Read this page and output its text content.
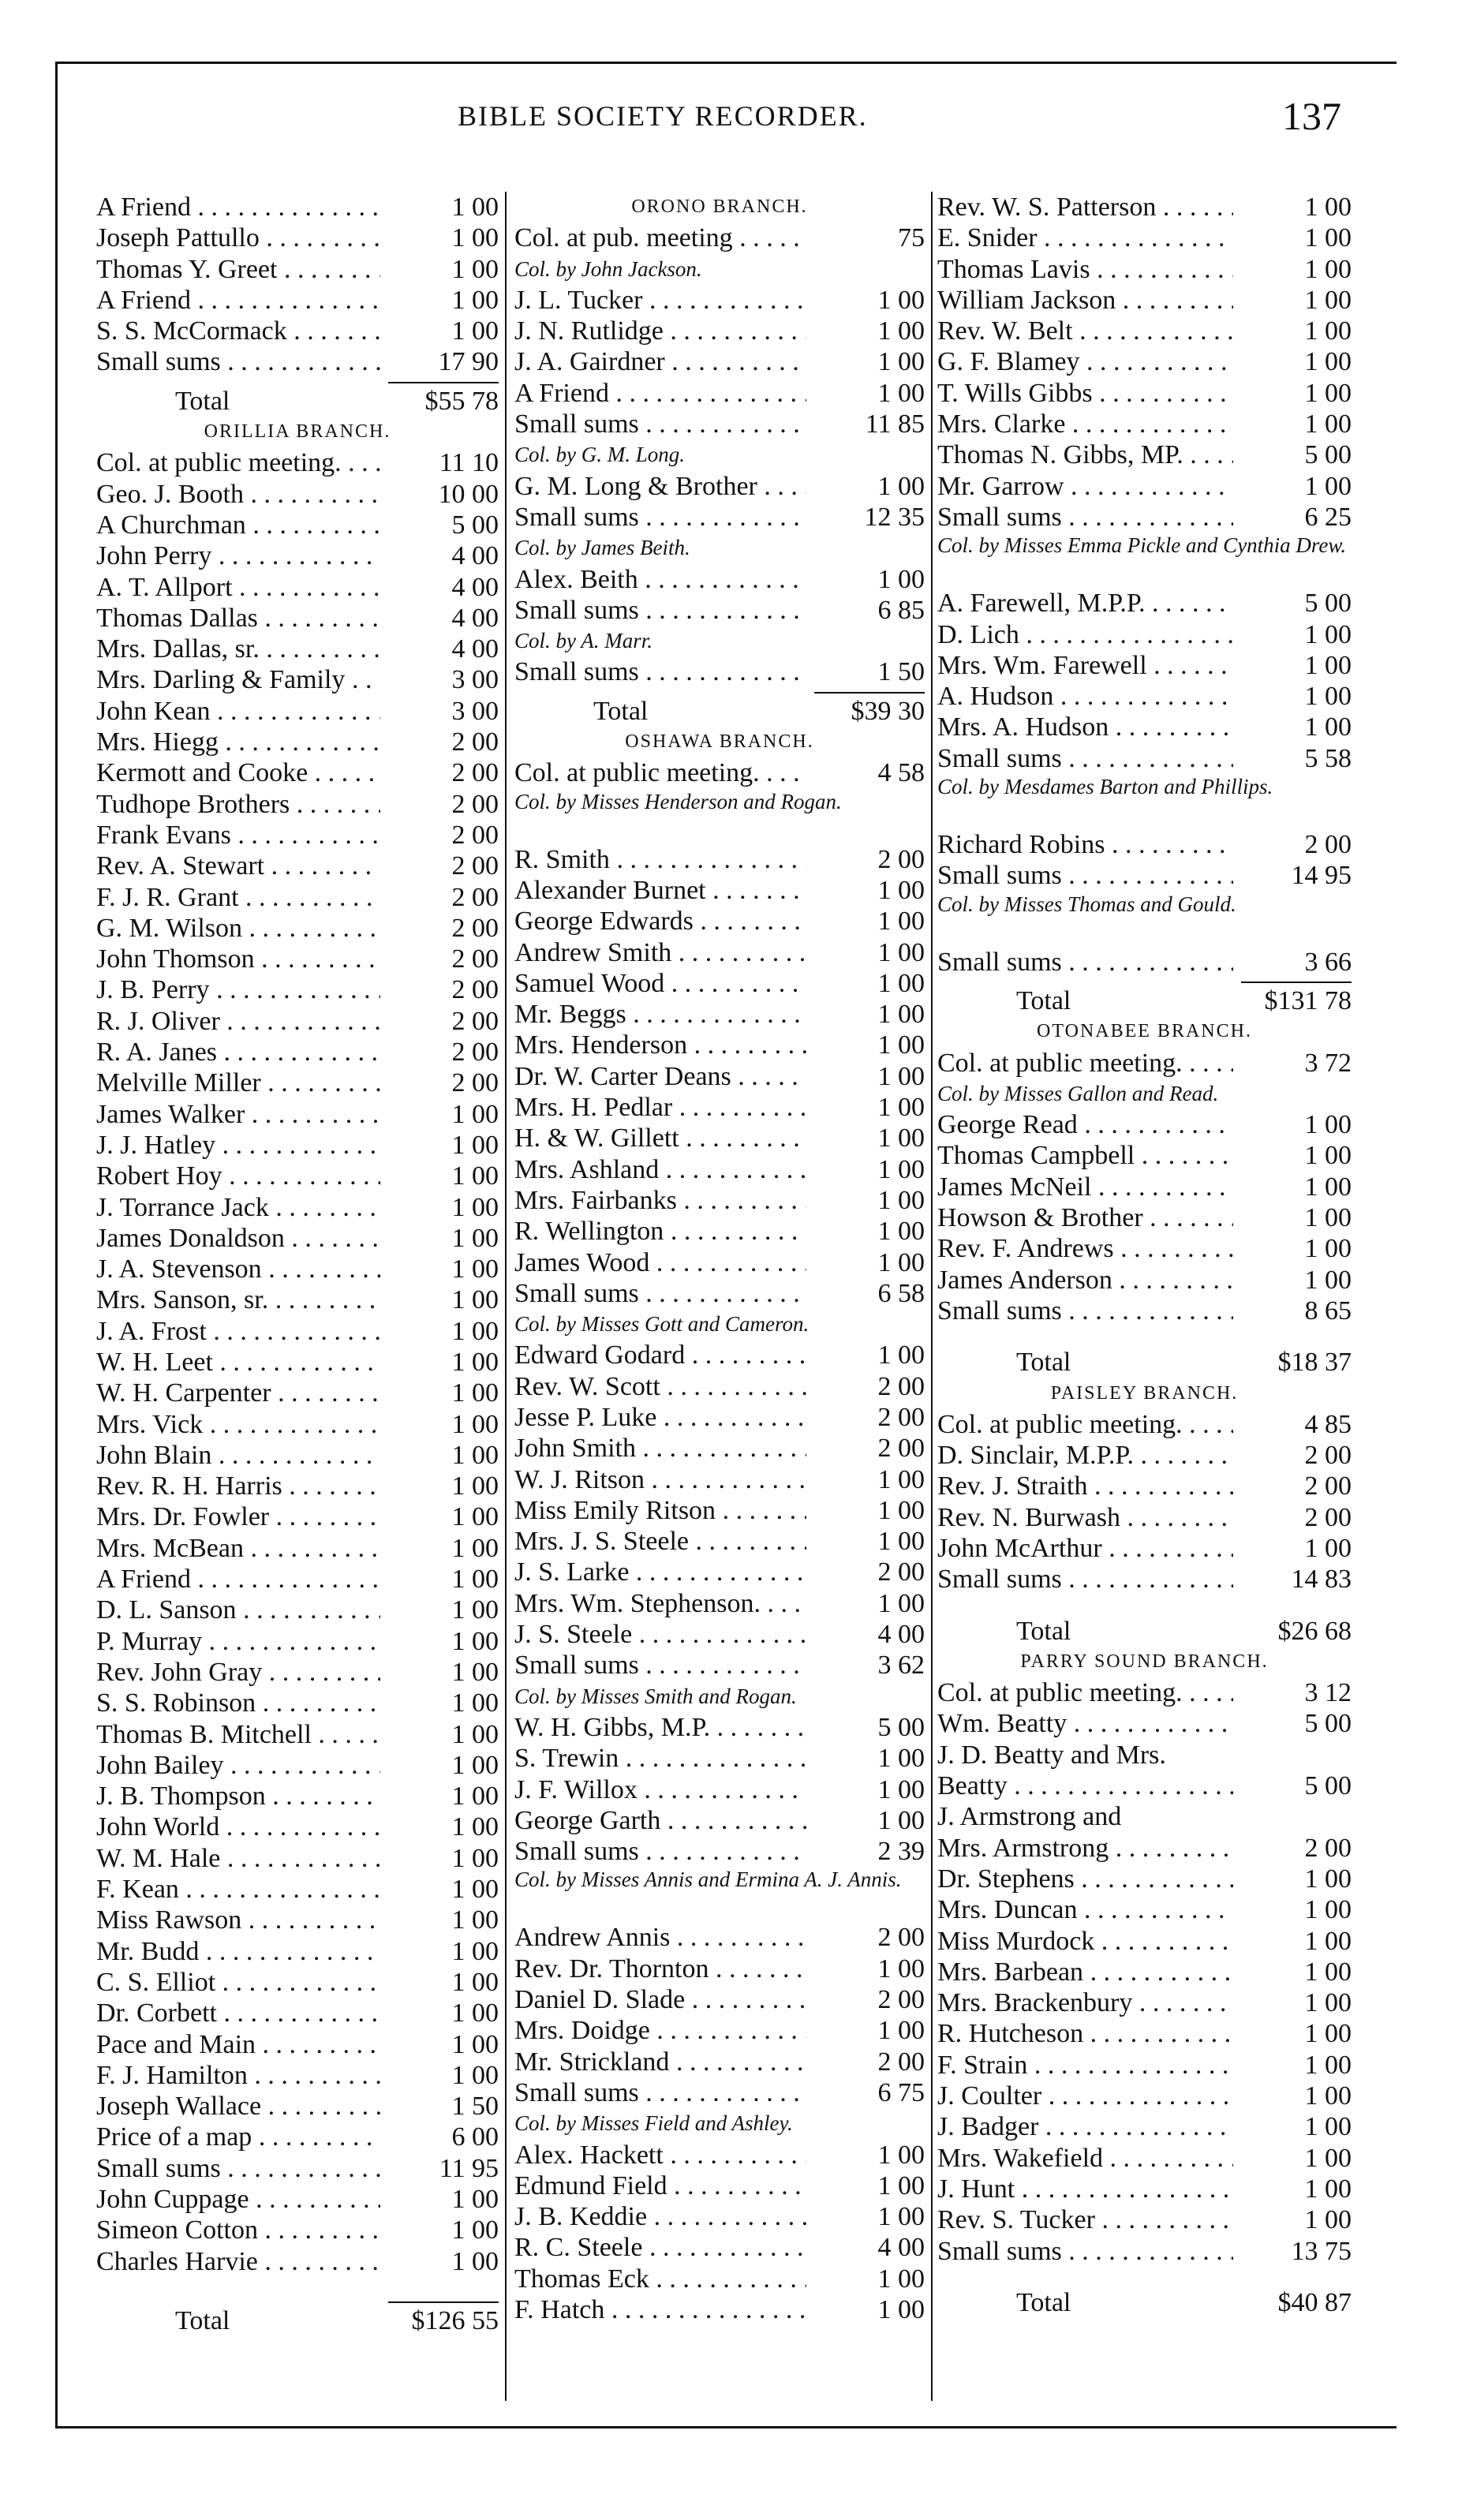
BIBLE SOCIETY RECORDER.	137
A Friend . . .	1 00
Joseph Pattullo . . .	1 00
Thomas Y. Greet . . .	1 00
A Friend . . .	1 00
S. S. McCormack . . .	1 00
Small sums . . .	17 90
Total	$55 78
ORILLIA BRANCH.
Col. at public meeting. . . .	11 10
Geo. J. Booth . . .	10 00
A Churchman . . .	5 00
John Perry . . .	4 00
A. T. Allport . . .	4 00
Thomas Dallas . . .	4 00
Mrs. Dallas, sr. . . .	4 00
Mrs. Darling & Family . . .	3 00
John Kean . . .	3 00
Mrs. Hiegg . . .	2 00
Kermott and Cooke . . .	2 00
Tudhope Brothers . . .	2 00
Frank Evans . . .	2 00
Rev. A. Stewart . . .	2 00
F. J. R. Grant . . .	2 00
G. M. Wilson . . .	2 00
John Thomson . . .	2 00
J. B. Perry . . .	2 00
R. J. Oliver . . .	2 00
R. A. Janes . . .	2 00
Melville Miller . . .	2 00
James Walker . . .	1 00
J. J. Hatley . . .	1 00
Robert Hoy . . .	1 00
J. Torrance Jack . . .	1 00
James Donaldson . . .	1 00
J. A. Stevenson . . .	1 00
Mrs. Sanson, sr. . . .	1 00
J. A. Frost . . .	1 00
W. H. Leet . . .	1 00
W. H. Carpenter . . .	1 00
Mrs. Vick . . .	1 00
John Blain . . .	1 00
Rev. R. H. Harris . . .	1 00
Mrs. Dr. Fowler . . .	1 00
Mrs. McBean . . .	1 00
A Friend . . .	1 00
D. L. Sanson . . .	1 00
P. Murray . . .	1 00
Rev. John Gray . . .	1 00
S. S. Robinson . . .	1 00
Thomas B. Mitchell . . .	1 00
John Bailey . . .	1 00
J. B. Thompson . . .	1 00
John World . . .	1 00
W. M. Hale . . .	1 00
F. Kean . . .	1 00
Miss Rawson . . .	1 00
Mr. Budd . . .	1 00
C. S. Elliot . . .	1 00
Dr. Corbett . . .	1 00
Pace and Main . . .	1 00
F. J. Hamilton . . .	1 00
Joseph Wallace . . .	1 50
Price of a map . . .	6 00
Small sums . . .	11 95
John Cuppage . . .	1 00
Simeon Cotton . . .	1 00
Charles Harvie . . .	1 00
Total	$126 55
ORONO BRANCH.
Col. at pub. meeting . . .	75
Col. by John Jackson.
J. L. Tucker . . .	1 00
J. N. Rutlidge . . .	1 00
J. A. Gairdner . . .	1 00
A Friend . . .	1 00
Small sums . . .	11 85
Col. by G. M. Long.
G. M. Long & Brother . . .	1 00
Small sums . . .	12 35
Col. by James Beith.
Alex. Beith . . .	1 00
Small sums . . .	6 85
Col. by A. Marr.
Small sums . . .	1 50
Total	$39 30
OSHAWA BRANCH.
Col. at public meeting. . . .	4 58
Col. by Misses Henderson and Rogan.
R. Smith . . .	2 00
Alexander Burnet . . .	1 00
George Edwards . . .	1 00
Andrew Smith . . .	1 00
Samuel Wood . . .	1 00
Mr. Beggs . . .	1 00
Mrs. Henderson . . .	1 00
Dr. W. Carter Deans . . .	1 00
Mrs. H. Pedlar . . .	1 00
H. & W. Gillett . . .	1 00
Mrs. Ashland . . .	1 00
Mrs. Fairbanks . . .	1 00
R. Wellington . . .	1 00
James Wood . . .	1 00
Small sums . . .	6 58
Col. by Misses Gott and Cameron.
Edward Godard . . .	1 00
Rev. W. Scott . . .	2 00
Jesse P. Luke . . .	2 00
John Smith . . .	2 00
W. J. Ritson . . .	1 00
Miss Emily Ritson . . .	1 00
Mrs. J. S. Steele . . .	1 00
J. S. Larke . . .	2 00
Mrs. Wm. Stephenson. . . .	1 00
J. S. Steele . . .	4 00
Small sums . . .	3 62
Col. by Misses Smith and Rogan.
W. H. Gibbs, M.P. . . .	5 00
S. Trewin . . .	1 00
J. F. Willox . . .	1 00
George Garth . . .	1 00
Small sums . . .	2 39
Col. by Misses Annis and Ermina A. J. Annis.
Andrew Annis . . .	2 00
Rev. Dr. Thornton . . .	1 00
Daniel D. Slade . . .	2 00
Mrs. Doidge . . .	1 00
Mr. Strickland . . .	2 00
Small sums . . .	6 75
Col. by Misses Field and Ashley.
Alex. Hackett . . .	1 00
Edmund Field . . .	1 00
J. B. Keddie . . .	1 00
R. C. Steele . . .	4 00
Thomas Eck . . .	1 00
F. Hatch . . .	1 00
Rev. W. S. Patterson . . .	1 00
E. Snider . . .	1 00
Thomas Lavis . . .	1 00
William Jackson . . .	1 00
Rev. W. Belt . . .	1 00
G. F. Blamey . . .	1 00
T. Wills Gibbs . . .	1 00
Mrs. Clarke . . .	1 00
Thomas N. Gibbs, MP. . . .	5 00
Mr. Garrow . . .	1 00
Small sums . . .	6 25
Col. by Misses Emma Pickle and Cynthia Drew.
A. Farewell, M.P.P. . . .	5 00
D. Lich . . .	1 00
Mrs. Wm. Farewell . . .	1 00
A. Hudson . . .	1 00
Mrs. A. Hudson . . .	1 00
Small sums . . .	5 58
Col. by Mesdames Barton and Phillips.
Richard Robins . . .	2 00
Small sums . . .	14 95
Col. by Misses Thomas and Gould.
Small sums . . .	3 66
Total	$131 78
OTONABEE BRANCH.
Col. at public meeting. . . .	3 72
Col. by Misses Gallon and Read.
George Read . . .	1 00
Thomas Campbell . . .	1 00
James McNeil . . .	1 00
Howson & Brother . . .	1 00
Rev. F. Andrews . . .	1 00
James Anderson . . .	1 00
Small sums . . .	8 65
Total	$18 37
PAISLEY BRANCH.
Col. at public meeting. . . .	4 85
D. Sinclair, M.P.P. . . .	2 00
Rev. J. Straith . . .	2 00
Rev. N. Burwash . . .	2 00
John McArthur . . .	1 00
Small sums . . .	14 83
Total	$26 68
PARRY SOUND BRANCH.
Col. at public meeting. . . .	3 12
Wm. Beatty . . .	5 00
J. D. Beatty and Mrs.
Beatty . . .	5 00
J. Armstrong and
Mrs. Armstrong . . .	2 00
Dr. Stephens . . .	1 00
Mrs. Duncan . . .	1 00
Miss Murdock . . .	1 00
Mrs. Barbean . . .	1 00
Mrs. Brackenbury . . .	1 00
R. Hutcheson . . .	1 00
F. Strain . . .	1 00
J. Coulter . . .	1 00
J. Badger . . .	1 00
Mrs. Wakefield . . .	1 00
J. Hunt . . .	1 00
Rev. S. Tucker . . .	1 00
Small sums . . .	13 75
Total	$40 87
